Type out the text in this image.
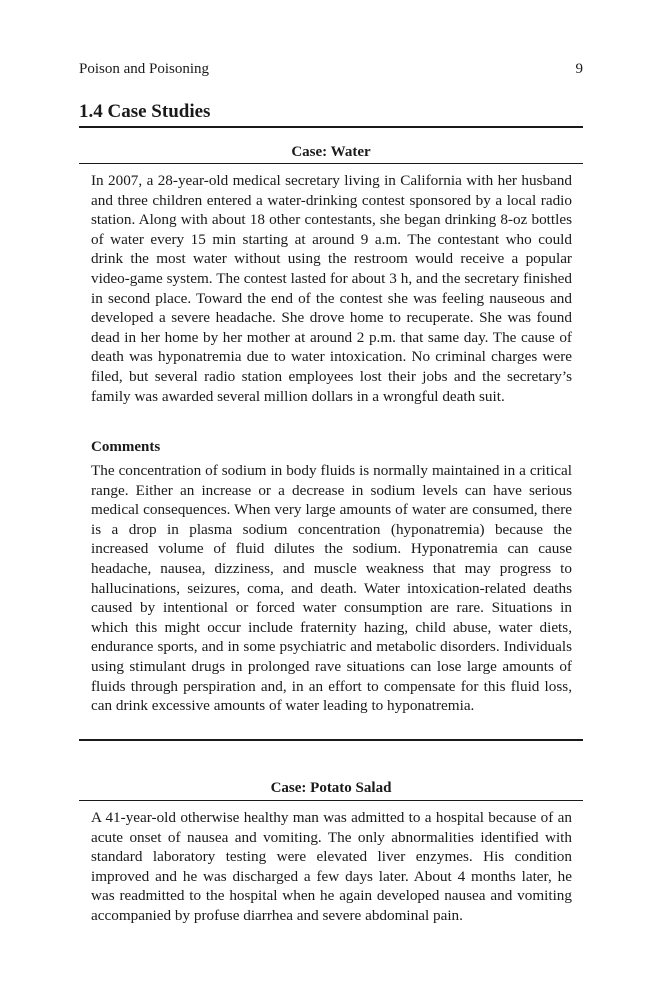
Poison and Poisoning	9
1.4 Case Studies
Case: Water

In 2007, a 28-year-old medical secretary living in California with her husband and three children entered a water-drinking contest sponsored by a local radio station. Along with about 18 other contestants, she began drinking 8-oz bottles of water every 15 min starting at around 9 a.m. The contestant who could drink the most water without using the restroom would receive a popular video-game system. The contest lasted for about 3 h, and the secretary finished in second place. Toward the end of the contest she was feeling nauseous and developed a severe headache. She drove home to recuperate. She was found dead in her home by her mother at around 2 p.m. that same day. The cause of death was hyponatremia due to water intoxication. No criminal charges were filed, but several radio station employees lost their jobs and the secretary’s family was awarded several million dollars in a wrongful death suit.

Comments

The concentration of sodium in body fluids is normally maintained in a critical range. Either an increase or a decrease in sodium levels can have serious medical consequences. When very large amounts of water are consumed, there is a drop in plasma sodium concentration (hyponatremia) because the increased volume of fluid dilutes the sodium. Hyponatremia can cause headache, nausea, dizziness, and muscle weakness that may progress to hallucinations, seizures, coma, and death. Water intoxication-related deaths caused by intentional or forced water consumption are rare. Situations in which this might occur include fraternity hazing, child abuse, water diets, endurance sports, and in some psychiatric and metabolic disorders. Individuals using stimulant drugs in prolonged rave situations can lose large amounts of fluids through perspiration and, in an effort to compensate for this fluid loss, can drink excessive amounts of water leading to hyponatremia.

Case: Potato Salad

A 41-year-old otherwise healthy man was admitted to a hospital because of an acute onset of nausea and vomiting. The only abnormalities identified with standard laboratory testing were elevated liver enzymes. His condition improved and he was discharged a few days later. About 4 months later, he was readmitted to the hospital when he again developed nausea and vomiting accompanied by profuse diarrhea and severe abdominal pain.
